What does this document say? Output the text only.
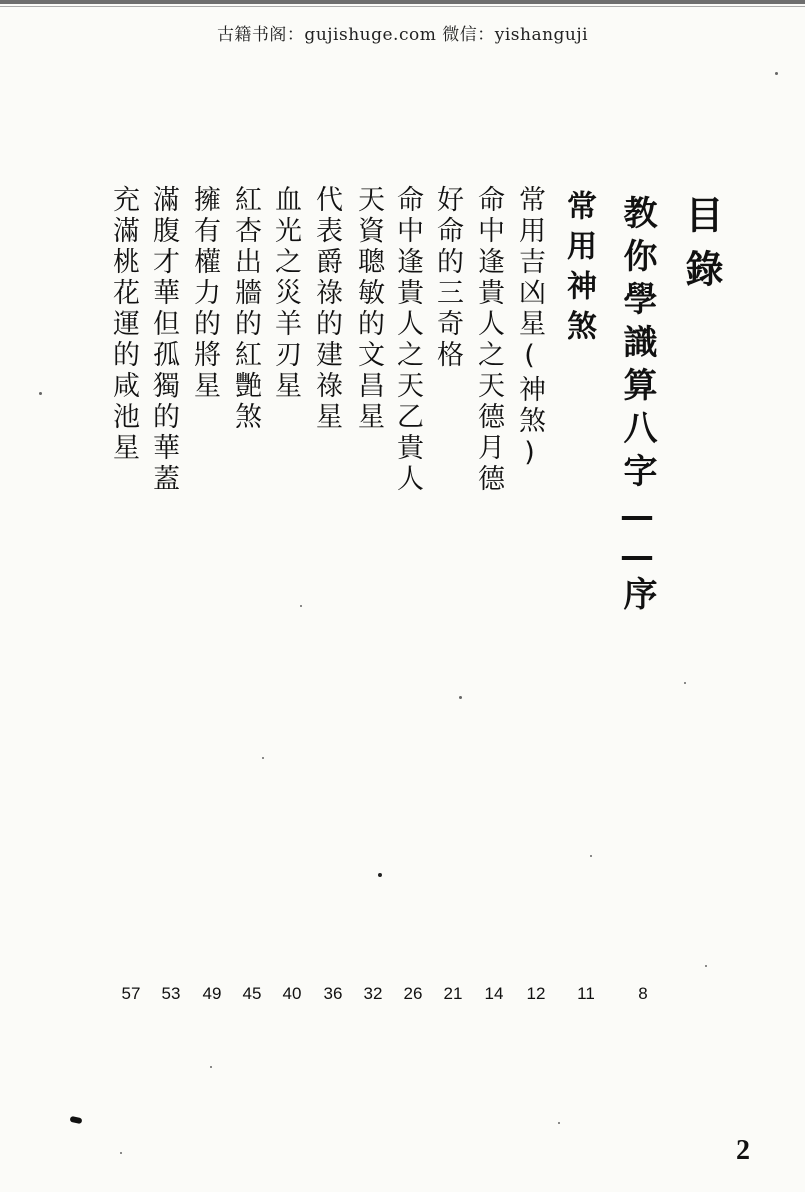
古籍书阁：gujishuge.com 微信：yishanguji
目錄
教你學識算八字——序
常用神煞
常用吉凶星(神煞)
命中逢貴人之天德月德
好命的三奇格
命中逢貴人之天乙貴人
天資聰敏的文昌星
代表爵祿的建祿星
血光之災羊刃星
紅杏出牆的紅艷煞
擁有權力的將星
滿腹才華但孤獨的華蓋
充滿桃花運的咸池星
8
11
12
14
21
26
32
36
40
45
49
53
57
2
